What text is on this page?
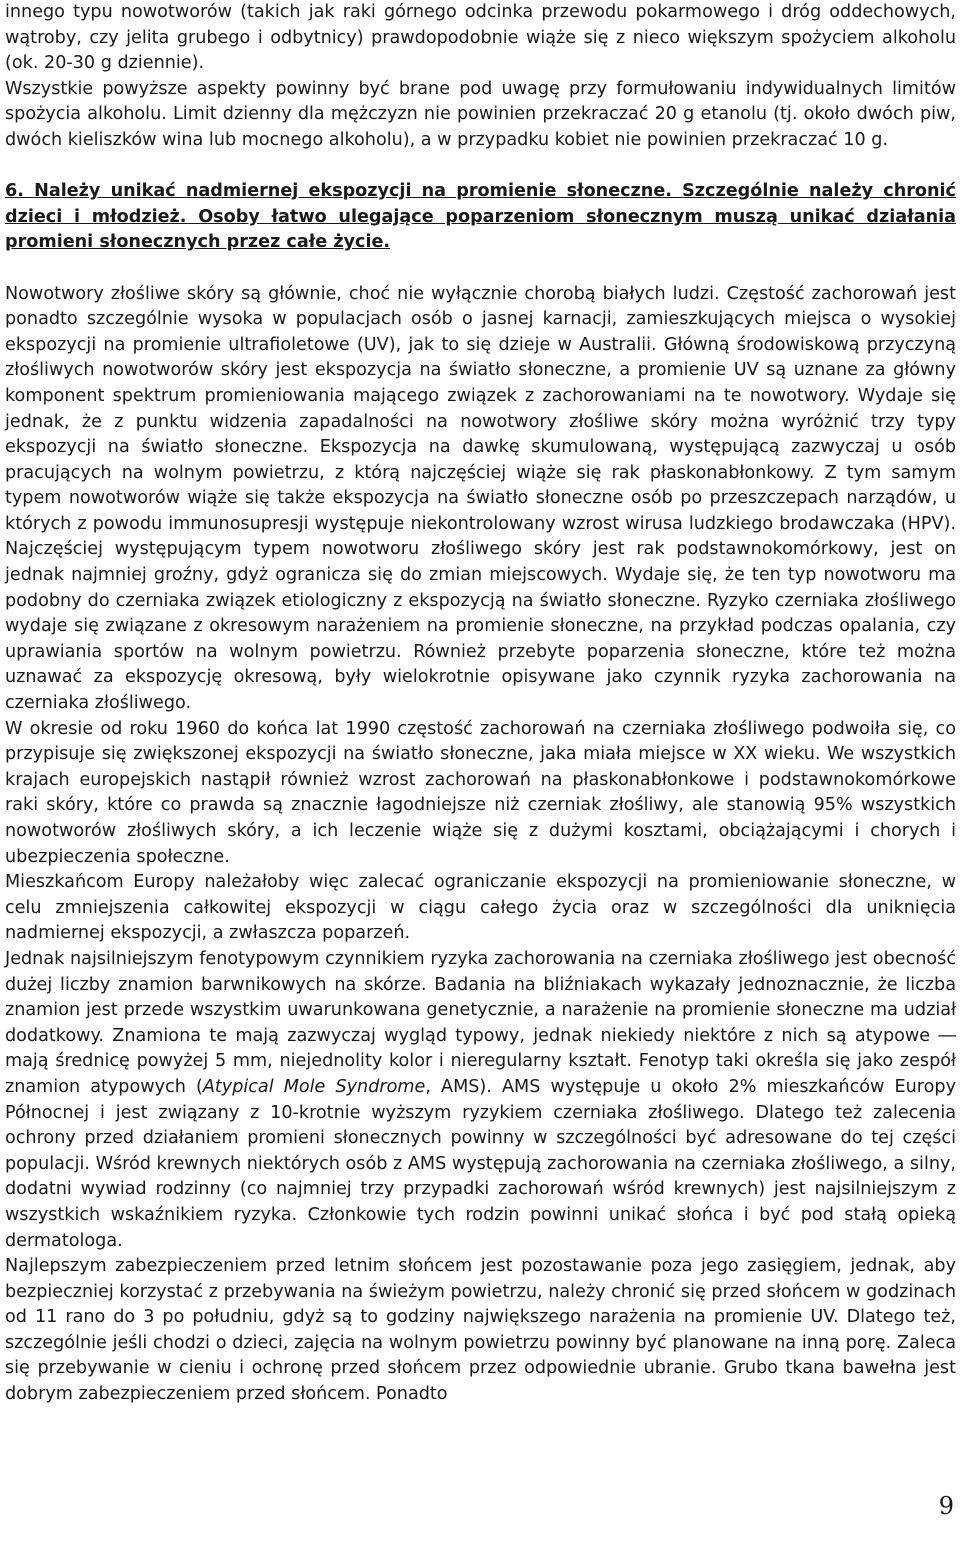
innego typu nowotworów (takich jak raki górnego odcinka przewodu pokarmowego i dróg oddechowych, wątroby, czy jelita grubego i odbytnicy) prawdopodobnie wiąże się z nieco większym spożyciem alkoholu (ok. 20-30 g dziennie).

Wszystkie powyższe aspekty powinny być brane pod uwagę przy formułowaniu indywidualnych limitów spożycia alkoholu. Limit dzienny dla mężczyzn nie powinien przekraczać 20 g etanolu (tj. około dwóch piw, dwóch kieliszków wina lub mocnego alkoholu), a w przypadku kobiet nie powinien przekraczać 10 g.

6. Należy unikać nadmiernej ekspozycji na promienie słoneczne. Szczególnie należy chronić dzieci i młodzież. Osoby łatwo ulegające poparzeniom słonecznym muszą unikać działania promieni słonecznych przez całe życie.

Nowotwory złośliwe skóry są głównie, choć nie wyłącznie chorobą białych ludzi. Częstość zachorowań jest ponadto szczególnie wysoka w populacjach osób o jasnej karnacji, zamieszkujących miejsca o wysokiej ekspozycji na promienie ultrafioletowe (UV), jak to się dzieje w Australii. Główną środowiskową przyczyną złośliwych nowotworów skóry jest ekspozycja na światło słoneczne, a promienie UV są uznane za główny komponent spektrum promieniowania mającego związek z zachorowaniami na te nowotwory. Wydaje się jednak, że z punktu widzenia zapadalności na nowotwory złośliwe skóry można wyróżnić trzy typy ekspozycji na światło słoneczne. Ekspozycja na dawkę skumulowaną, występującą zazwyczaj u osób pracujących na wolnym powietrzu, z którą najczęściej wiąże się rak płaskonabłonkowy. Z tym samym typem nowotworów wiąże się także ekspozycja na światło słoneczne osób po przeszczepach narządów, u których z powodu immunosupresji występuje niekontrolowany wzrost wirusa ludzkiego brodawczaka (HPV). Najczęściej występującym typem nowotworu złośliwego skóry jest rak podstawnokomórkowy, jest on jednak najmniej groźny, gdyż ogranicza się do zmian miejscowych. Wydaje się, że ten typ nowotworu ma podobny do czerniaka związek etiologiczny z ekspozycją na światło słoneczne. Ryzyko czerniaka złośliwego wydaje się związane z okresowym narażeniem na promienie słoneczne, na przykład podczas opalania, czy uprawiania sportów na wolnym powietrzu. Również przebyte poparzenia słoneczne, które też można uznawać za ekspozycję okresową, były wielokrotnie opisywane jako czynnik ryzyka zachorowania na czerniaka złośliwego.

W okresie od roku 1960 do końca lat 1990 częstość zachorowań na czerniaka złośliwego podwoiła się, co przypisuje się zwiększonej ekspozycji na światło słoneczne, jaka miała miejsce w XX wieku. We wszystkich krajach europejskich nastąpił również wzrost zachorowań na płaskonabłonkowe i podstawnokomórkowe raki skóry, które co prawda są znacznie łagodniejsze niż czerniak złośliwy, ale stanowią 95% wszystkich nowotworów złośliwych skóry, a ich leczenie wiąże się z dużymi kosztami, obciążającymi i chorych i ubezpieczenia społeczne.

Mieszkańcom Europy należałoby więc zalecać ograniczanie ekspozycji na promieniowanie słoneczne, w celu zmniejszenia całkowitej ekspozycji w ciągu całego życia oraz w szczególności dla uniknięcia nadmiernej ekspozycji, a zwłaszcza poparzeń.

Jednak najsilniejszym fenotypowym czynnikiem ryzyka zachorowania na czerniaka złośliwego jest obecność dużej liczby znamion barwnikowych na skórze. Badania na bliźniakach wykazały jednoznacznie, że liczba znamion jest przede wszystkim uwarunkowana genetycznie, a narażenie na promienie słoneczne ma udział dodatkowy. Znamiona te mają zazwyczaj wygląd typowy, jednak niekiedy niektóre z nich są atypowe ― mają średnicę powyżej 5 mm, niejednolity kolor i nieregularny kształt. Fenotyp taki określa się jako zespół znamion atypowych (Atypical Mole Syndrome, AMS). AMS występuje u około 2% mieszkańców Europy Północnej i jest związany z 10-krotnie wyższym ryzykiem czerniaka złośliwego. Dlatego też zalecenia ochrony przed działaniem promieni słonecznych powinny w szczególności być adresowane do tej części populacji. Wśród krewnych niektórych osób z AMS występują zachorowania na czerniaka złośliwego, a silny, dodatni wywiad rodzinny (co najmniej trzy przypadki zachorowań wśród krewnych) jest najsilniejszym z wszystkich wskaźnikiem ryzyka. Członkowie tych rodzin powinni unikać słońca i być pod stałą opieką dermatologa.

Najlepszym zabezpieczeniem przed letnim słońcem jest pozostawanie poza jego zasięgiem, jednak, aby bezpieczniej korzystać z przebywania na świeżym powietrzu, należy chronić się przed słońcem w godzinach od 11 rano do 3 po południu, gdyż są to godziny największego narażenia na promienie UV. Dlatego też, szczególnie jeśli chodzi o dzieci, zajęcia na wolnym powietrzu powinny być planowane na inną porę. Zaleca się przebywanie w cieniu i ochronę przed słońcem przez odpowiednie ubranie. Grubo tkana bawełna jest dobrym zabezpieczeniem przed słońcem. Ponadto

9
